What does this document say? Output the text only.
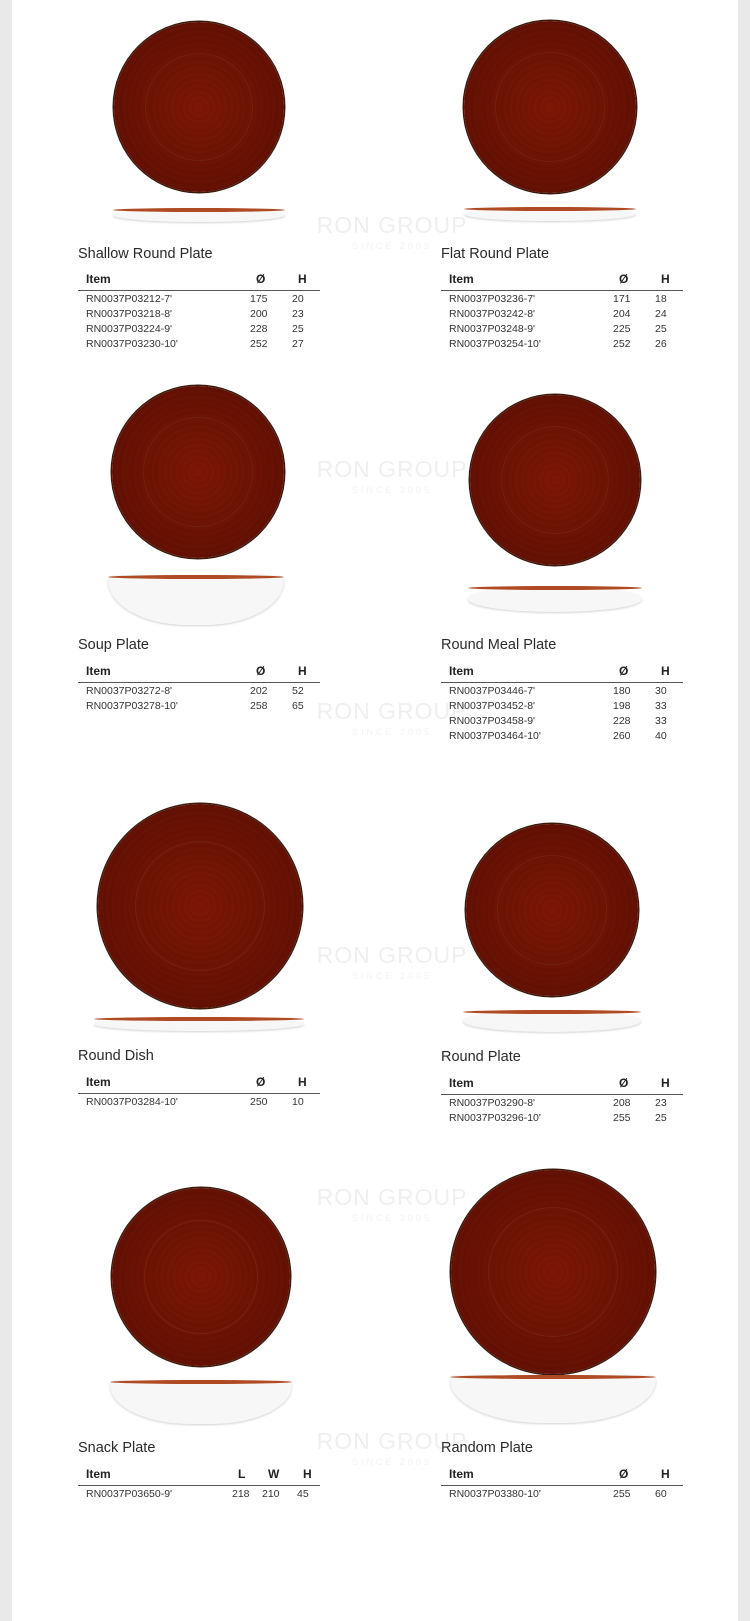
RON GROUP
SINCE 2005
RON GROUP
SINCE 2005
RON GROUP
SINCE 2005
RON GROUP
SINCE 2005
RON GROUP
SINCE 2005
RON GROUP
SINCE 2005
Shallow Round Plate
Item	Ø	H
RN0037P03212-7'	175 20
RN0037P03218-8'	200 23
RN0037P03224-9'	228 25
RN0037P03230-10'	252 27
Flat Round Plate
Item	Ø	H
RN0037P03236-7'	171 18
RN0037P03242-8'	204 24
RN0037P03248-9'	225 25
RN0037P03254-10'	252 26
Soup Plate
Item	Ø	H
RN0037P03272-8'	202 52
RN0037P03278-10'	258 65
Round Meal Plate
Item	Ø	H
RN0037P03446-7'	180 30
RN0037P03452-8'	198 33
RN0037P03458-9'	228 33
RN0037P03464-10'	260 40
Round Dish
Item	Ø	H
RN0037P03284-10'	250 10
Round Plate
Item	Ø	H
RN0037P03290-8'	208 23
RN0037P03296-10'	255 25
Snack Plate
Item	L W H
RN0037P03650-9'	218 210 45
Random Plate
Item	Ø	H
RN0037P03380-10'	255 60
